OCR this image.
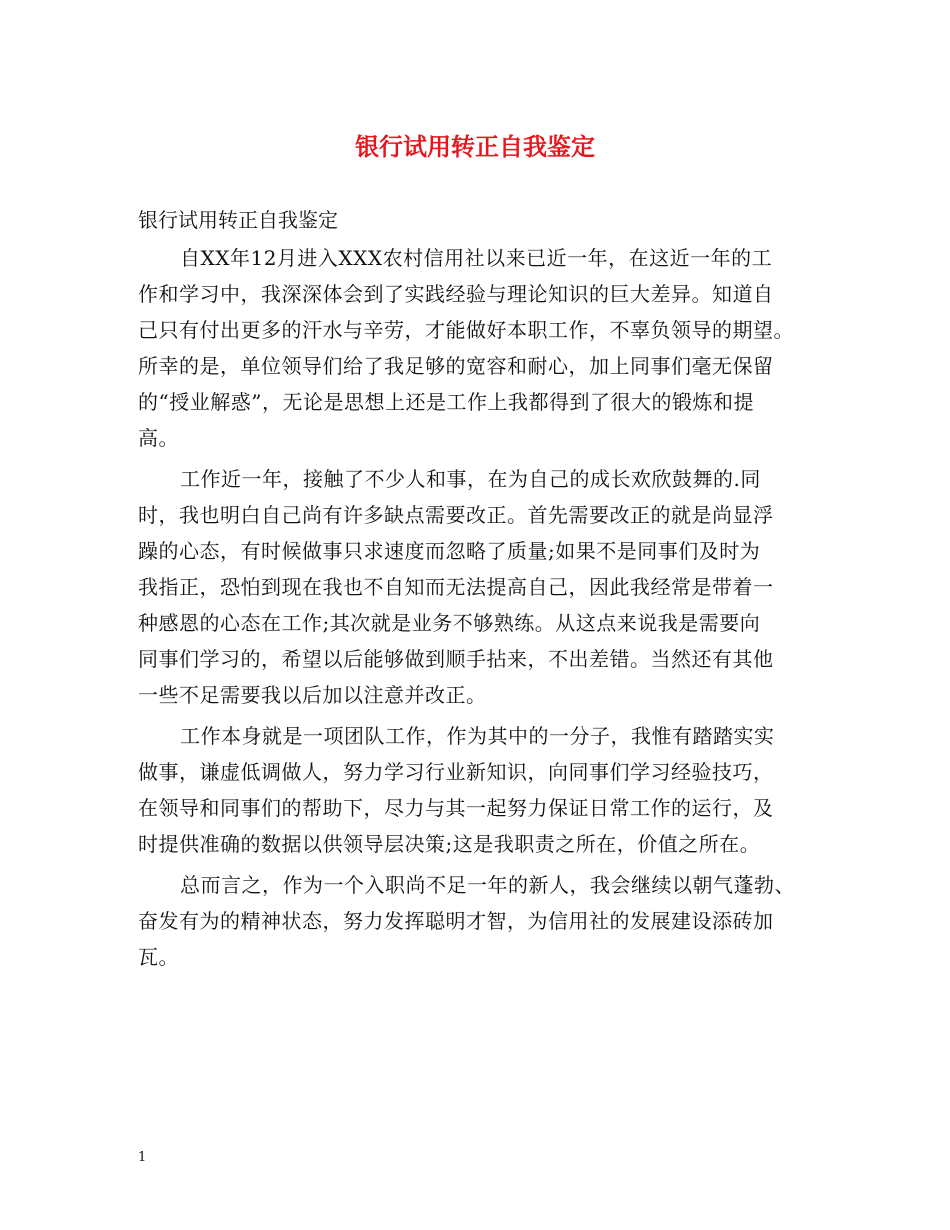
银行试用转正自我鉴定

银行试用转正自我鉴定

自XX年12月进入XXX农村信用社以来已近一年，在这近一年的工
作和学习中，我深深体会到了实践经验与理论知识的巨大差异。知道自
己只有付出更多的汗水与辛劳，才能做好本职工作，不辜负领导的期望。
所幸的是，单位领导们给了我足够的宽容和耐心，加上同事们毫无保留
的“授业解惑”，无论是思想上还是工作上我都得到了很大的锻炼和提
高。
工作近一年，接触了不少人和事，在为自己的成长欢欣鼓舞的.同
时，我也明白自己尚有许多缺点需要改正。首先需要改正的就是尚显浮
躁的心态，有时候做事只求速度而忽略了质量;如果不是同事们及时为
我指正，恐怕到现在我也不自知而无法提高自己，因此我经常是带着一
种感恩的心态在工作;其次就是业务不够熟练。从这点来说我是需要向
同事们学习的，希望以后能够做到顺手拈来，不出差错。当然还有其他
一些不足需要我以后加以注意并改正。
工作本身就是一项团队工作，作为其中的一分子，我惟有踏踏实实
做事，谦虚低调做人，努力学习行业新知识，向同事们学习经验技巧，
在领导和同事们的帮助下，尽力与其一起努力保证日常工作的运行，及
时提供准确的数据以供领导层决策;这是我职责之所在，价值之所在。
总而言之，作为一个入职尚不足一年的新人，我会继续以朝气蓬勃、
奋发有为的精神状态，努力发挥聪明才智，为信用社的发展建设添砖加
瓦。

1
